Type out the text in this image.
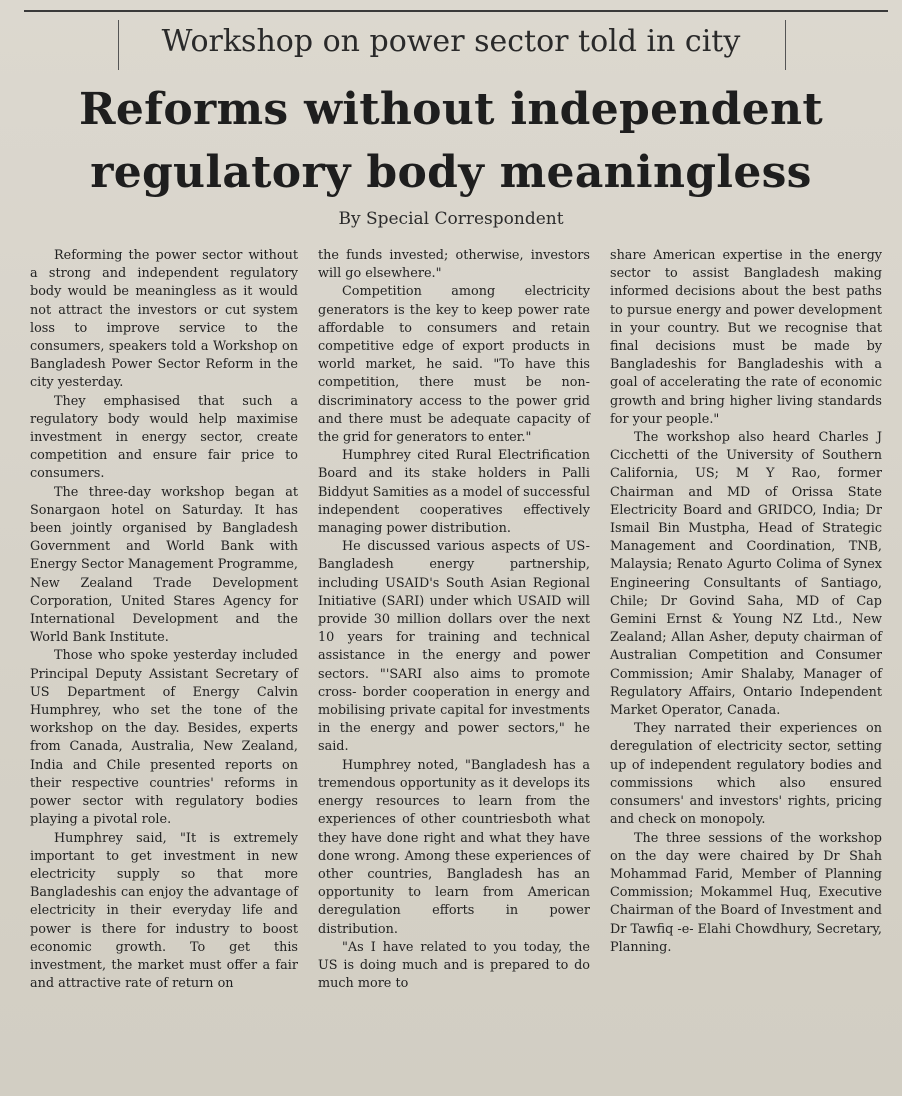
Workshop on power sector told in city
Reforms without independent
regulatory body meaningless
By Special Correspondent

Reforming the power sector without a strong and independent regulatory body would be meaningless as it would not attract the investors or cut system loss to improve service to the consumers, speakers told a Workshop on Bangladesh Power Sector Reform in the city yesterday.

They emphasised that such a regulatory body would help maximise investment in energy sector, create competition and ensure fair price to consumers.

The three-day workshop began at Sonargaon hotel on Saturday. It has been jointly organised by Bangladesh Government and World Bank with Energy Sector Management Programme, New Zealand Trade Development Corporation, United Stares Agency for International Development and the World Bank Institute.

Those who spoke yesterday included Principal Deputy Assistant Secretary of US Department of Energy Calvin Humphrey, who set the tone of the workshop on the day. Besides, experts from Canada, Australia, New Zealand, India and Chile presented reports on their respective countries' reforms in power sector with regulatory bodies playing a pivotal role.

Humphrey said, "It is extremely important to get investment in new electricity supply so that more Bangladeshis can enjoy the advantage of electricity in their everyday life and power is there for industry to boost economic growth. To get this investment, the market must offer a fair and attractive rate of return on

the funds invested; otherwise, investors will go elsewhere."

Competition among electricity generators is the key to keep power rate affordable to consumers and retain competitive edge of export products in world market, he said. "To have this competition, there must be non-discriminatory access to the power grid and there must be adequate capacity of the grid for generators to enter."

Humphrey cited Rural Electrification Board and its stake holders in Palli Biddyut Samities as a model of successful independent cooperatives effectively managing power distribution.

He discussed various aspects of US-Bangladesh energy partnership, including USAID's South Asian Regional Initiative (SARI) under which USAID will provide 30 million dollars over the next 10 years for training and technical assistance in the energy and power sectors. "'SARI also aims to promote cross- border cooperation in energy and mobilising private capital for investments in the energy and power sectors," he said.

Humphrey noted, "Bangladesh has a tremendous opportunity as it develops its energy resources to learn from the experiences of other countriesboth what they have done right and what they have done wrong. Among these experiences of other countries, Bangladesh has an opportunity to learn from American deregulation efforts in power distribution.

"As I have related to you today, the US is doing much and is prepared to do much more to

share American expertise in the energy sector to assist Bangladesh making informed decisions about the best paths to pursue energy and power development in your country. But we recognise that final decisions must be made by Bangladeshis for Bangladeshis with a goal of accelerating the rate of economic growth and bring higher living standards for your people."

The workshop also heard Charles J Cicchetti of the University of Southern California, US; M Y Rao, former Chairman and MD of Orissa State Electricity Board and GRIDCO, India; Dr Ismail Bin Mustpha, Head of Strategic Management and Coordination, TNB, Malaysia; Renato Agurto Colima of Synex Engineering Consultants of Santiago, Chile; Dr Govind Saha, MD of Cap Gemini Ernst & Young NZ Ltd., New Zealand; Allan Asher, deputy chairman of Australian Competition and Consumer Commission; Amir Shalaby, Manager of Regulatory Affairs, Ontario Independent Market Operator, Canada.

They narrated their experiences on deregulation of electricity sector, setting up of independent regulatory bodies and commissions which also ensured consumers' and investors' rights, pricing and check on monopoly.

The three sessions of the workshop on the day were chaired by Dr Shah Mohammad Farid, Member of Planning Commission; Mokammel Huq, Executive Chairman of the Board of Investment and Dr Tawfiq -e- Elahi Chowdhury, Secretary, Planning.
